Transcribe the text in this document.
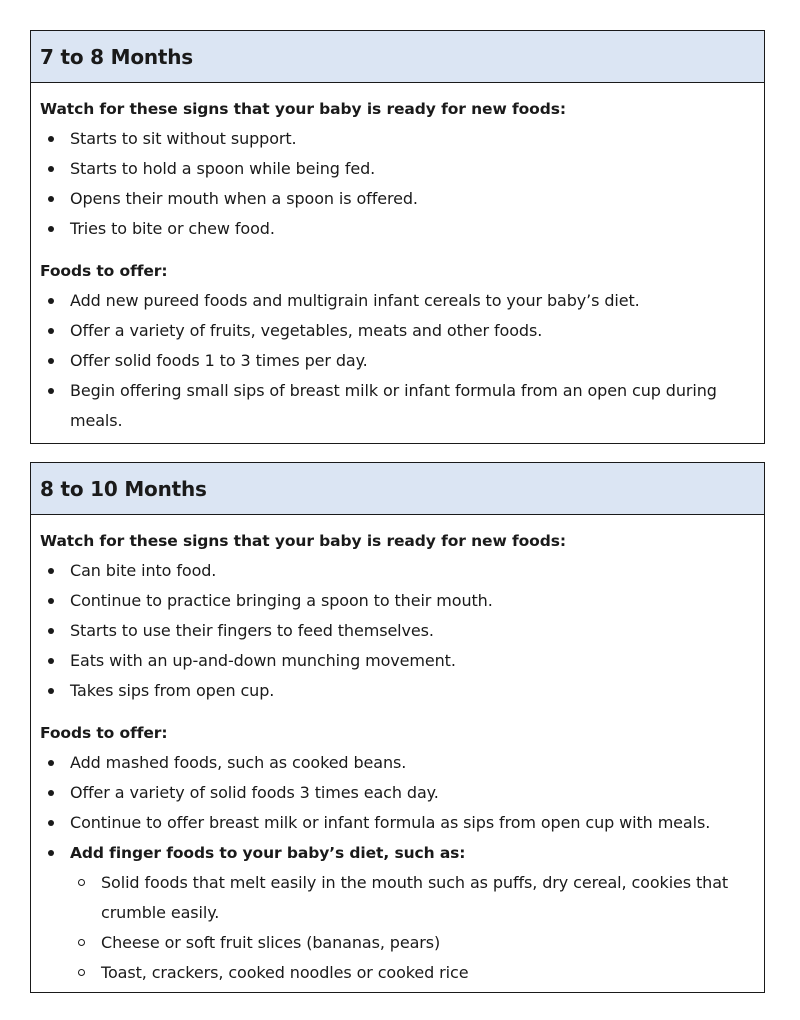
7 to 8 Months
Watch for these signs that your baby is ready for new foods:
Starts to sit without support.
Starts to hold a spoon while being fed.
Opens their mouth when a spoon is offered.
Tries to bite or chew food.
Foods to offer:
Add new pureed foods and multigrain infant cereals to your baby’s diet.
Offer a variety of fruits, vegetables, meats and other foods.
Offer solid foods 1 to 3 times per day.
Begin offering small sips of breast milk or infant formula from an open cup during meals.
8 to 10 Months
Watch for these signs that your baby is ready for new foods:
Can bite into food.
Continue to practice bringing a spoon to their mouth.
Starts to use their fingers to feed themselves.
Eats with an up-and-down munching movement.
Takes sips from open cup.
Foods to offer:
Add mashed foods, such as cooked beans.
Offer a variety of solid foods 3 times each day.
Continue to offer breast milk or infant formula as sips from open cup with meals.
Add finger foods to your baby’s diet, such as:
Solid foods that melt easily in the mouth such as puffs, dry cereal, cookies that crumble easily.
Cheese or soft fruit slices (bananas, pears)
Toast, crackers, cooked noodles or cooked rice
